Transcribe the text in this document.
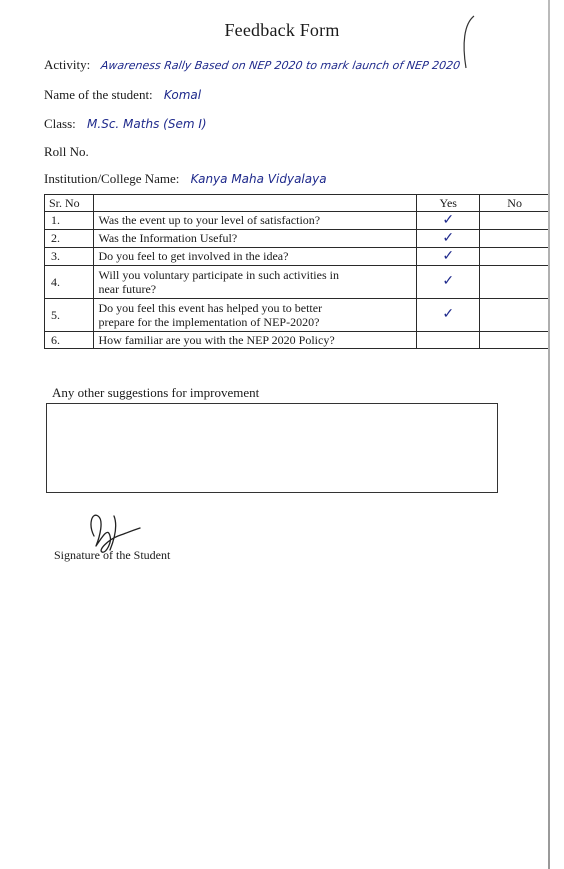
Feedback Form
Activity: Awareness Rally Based on NEP 2020 to mark launch of NEP 2020
Name of the student: Komal
Class: M.Sc. Maths (Sem I)
Roll No.
Institution/College Name: Kanya Maha Vidyalaya
Sr. No		Yes	No
1.	Was the event up to your level of satisfaction?	✓	
2.	Was the Information Useful?	✓	
3.	Do you feel to get involved in the idea?	✓	
4.	Will you voluntary participate in such activities in
near future?	✓	
5.	Do you feel this event has helped you to better
prepare for the implementation of NEP-2020?	✓	
6.	How familiar are you with the NEP 2020 Policy?		
Any other suggestions for improvement
Signature of the Student
